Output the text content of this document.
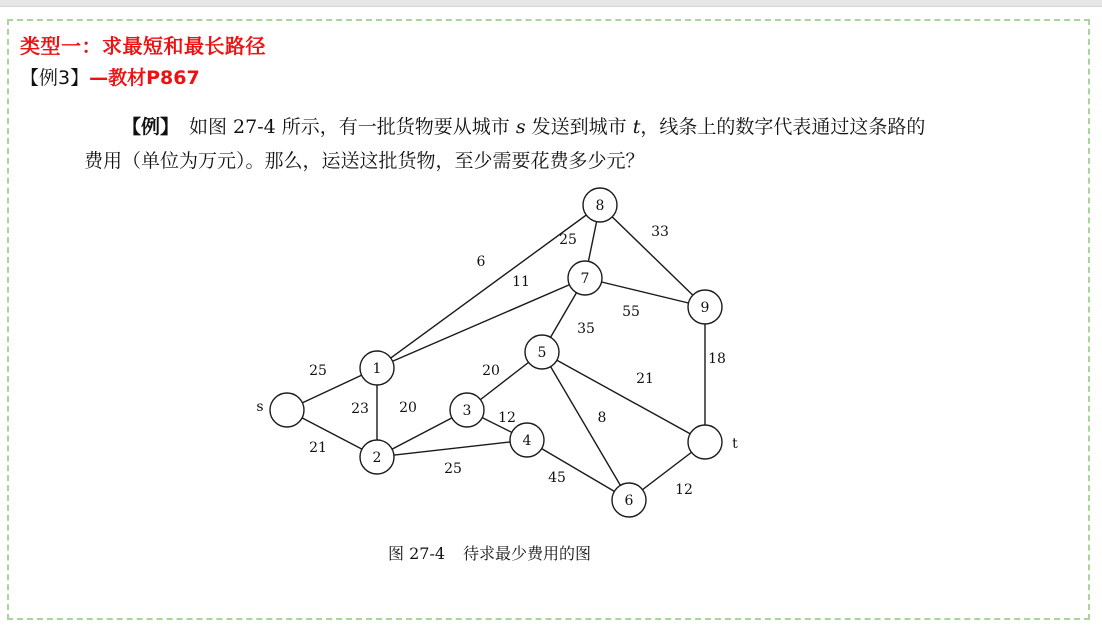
类型一：求最短和最长路径
【例3】—教材P867
【例】 如图 27-4 所示，有一批货物要从城市 s 发送到城市 t，线条上的数字代表通过这条路的费用（单位为万元）。那么，运送这批货物，至少需要花费多少元？
25
21
23
6
11
20
25
20
12
35
21
8
45
25
55
33
18
12
s
1
2
3
4
5
6
7
8
9
t
图 27-4 待求最少费用的图
